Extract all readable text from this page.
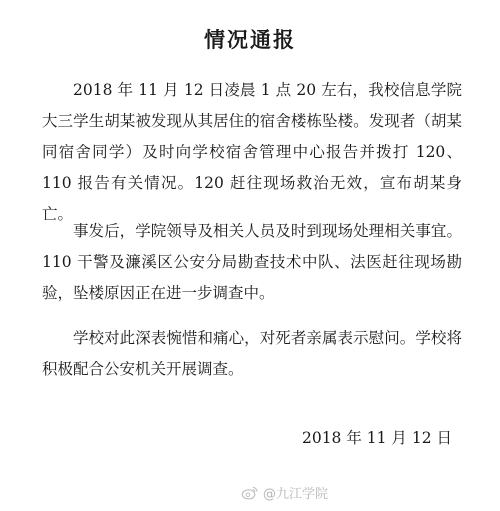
情况通报

2018 年 11 月 12 日凌晨 1 点 20 左右，我校信息学院大三学生胡某被发现从其居住的宿舍楼栋坠楼。发现者（胡某同宿舍同学）及时向学校宿舍管理中心报告并拨打 120、110 报告有关情况。120 赶往现场救治无效，宣布胡某身亡。

事发后，学院领导及相关人员及时到现场处理相关事宜。110 干警及濂溪区公安分局勘查技术中队、法医赶往现场勘验，坠楼原因正在进一步调查中。

学校对此深表惋惜和痛心，对死者亲属表示慰问。学校将积极配合公安机关开展调查。

2018 年 11 月 12 日
@九江学院
